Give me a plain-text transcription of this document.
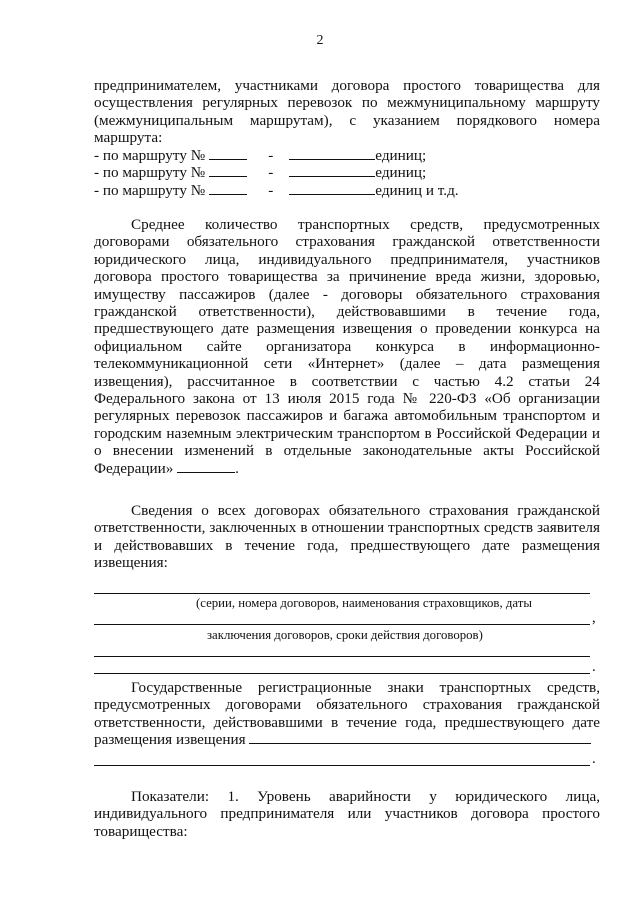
2

предпринимателем, участниками договора простого товарищества для осуществления регулярных перевозок по межмуниципальному маршруту (межмуниципальным маршрутам), с указанием порядкового номера маршрута:

- по маршруту №	-	единиц;
- по маршруту №	-	единиц;
- по маршруту №	-	единиц и т.д.

Среднее количество транспортных средств, предусмотренных договорами обязательного страхования гражданской ответственности юридического лица, индивидуального предпринимателя, участников договора простого товарищества за причинение вреда жизни, здоровью, имуществу пассажиров (далее - договоры обязательного страхования гражданской ответственности), действовавшими в течение года, предшествующего дате размещения извещения о проведении конкурса на официальном сайте организатора конкурса в информационно-телекоммуникационной сети «Интернет» (далее – дата размещения извещения), рассчитанное в соответствии с частью 4.2 статьи 24 Федерального закона от 13 июля 2015 года № 220-ФЗ «Об организации регулярных перевозок пассажиров и багажа автомобильным транспортом и городским наземным электрическим транспортом в Российской Федерации и о внесении изменений в отдельные законодательные акты Российской Федерации»	.

Сведения о всех договорах обязательного страхования гражданской ответственности, заключенных в отношении транспортных средств заявителя и действовавших в течение года, предшествующего дате размещения извещения:

(серии, номера договоров, наименования страховщиков, даты
,
заключения договоров, сроки действия договоров)
.

Государственные регистрационные знаки транспортных средств, предусмотренных договорами обязательного страхования гражданской ответственности, действовавшими в течение года, предшествующего дате размещения извещения

.

Показатели: 1. Уровень аварийности у юридического лица, индивидуального предпринимателя или участников договора простого товарищества:
